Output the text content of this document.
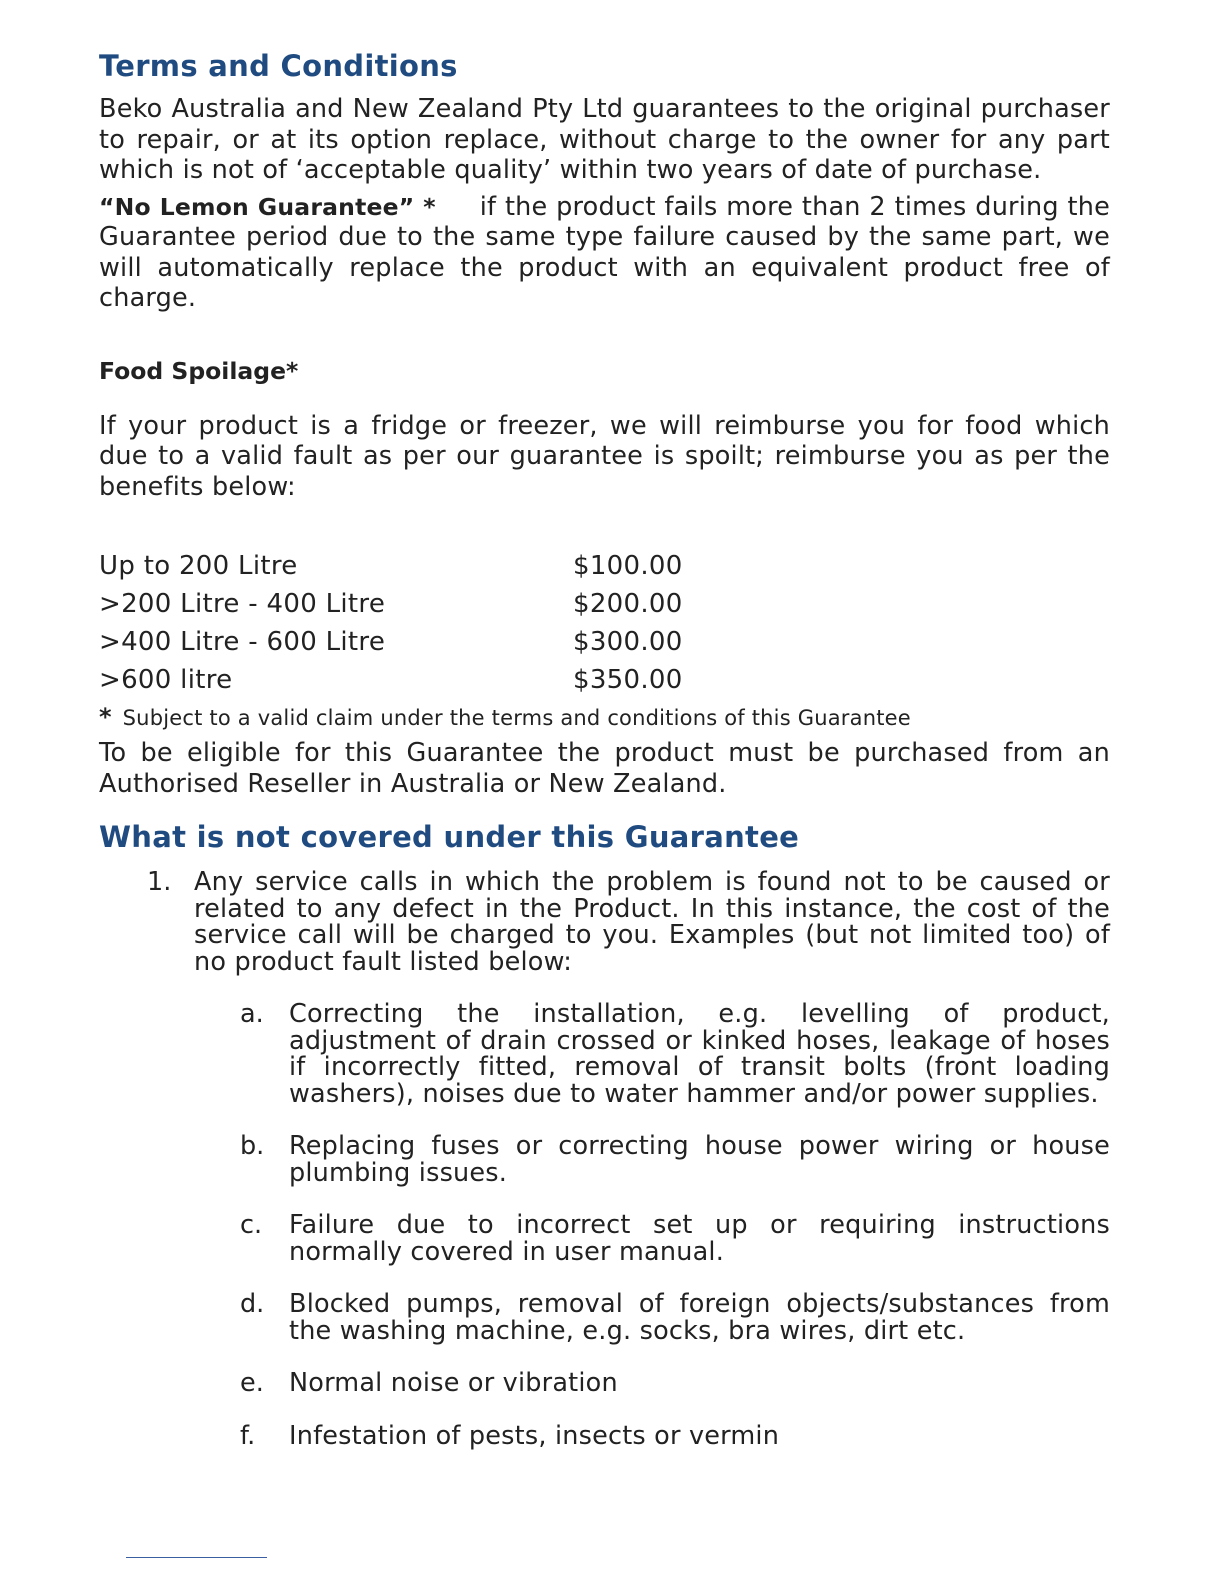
Terms and Conditions

Beko Australia and New Zealand Pty Ltd guarantees to the original purchaser to repair, or at its option replace, without charge to the owner for any part which is not of ‘acceptable quality’ within two years of date of purchase.

“No Lemon Guarantee” * if the product fails more than 2 times during the Guarantee period due to the same type failure caused by the same part, we will automatically replace the product with an equivalent product free of charge.

Food Spoilage*

If your product is a fridge or freezer, we will reimburse you for food which due to a valid fault as per our guarantee is spoilt; reimburse you as per the benefits below:

Up to 200 Litre	$100.00
>200 Litre - 400 Litre	$200.00
>400 Litre - 600 Litre	$300.00
>600 litre	$350.00

* Subject to a valid claim under the terms and conditions of this Guarantee

To be eligible for this Guarantee the product must be purchased from an Authorised Reseller in Australia or New Zealand.

What is not covered under this Guarantee
1. Any service calls in which the problem is found not to be caused or related to any defect in the Product. In this instance, the cost of the service call will be charged to you. Examples (but not limited too) of no product fault listed below:
a. Correcting the installation, e.g. levelling of product, adjustment of drain crossed or kinked hoses, leakage of hoses if incorrectly fitted, removal of transit bolts (front loading washers), noises due to water hammer and/or power supplies.
b. Replacing fuses or correcting house power wiring or house plumbing issues.
c. Failure due to incorrect set up or requiring instructions normally covered in user manual.
d. Blocked pumps, removal of foreign objects/substances from the washing machine, e.g. socks, bra wires, dirt etc.
e. Normal noise or vibration
f. Infestation of pests, insects or vermin
